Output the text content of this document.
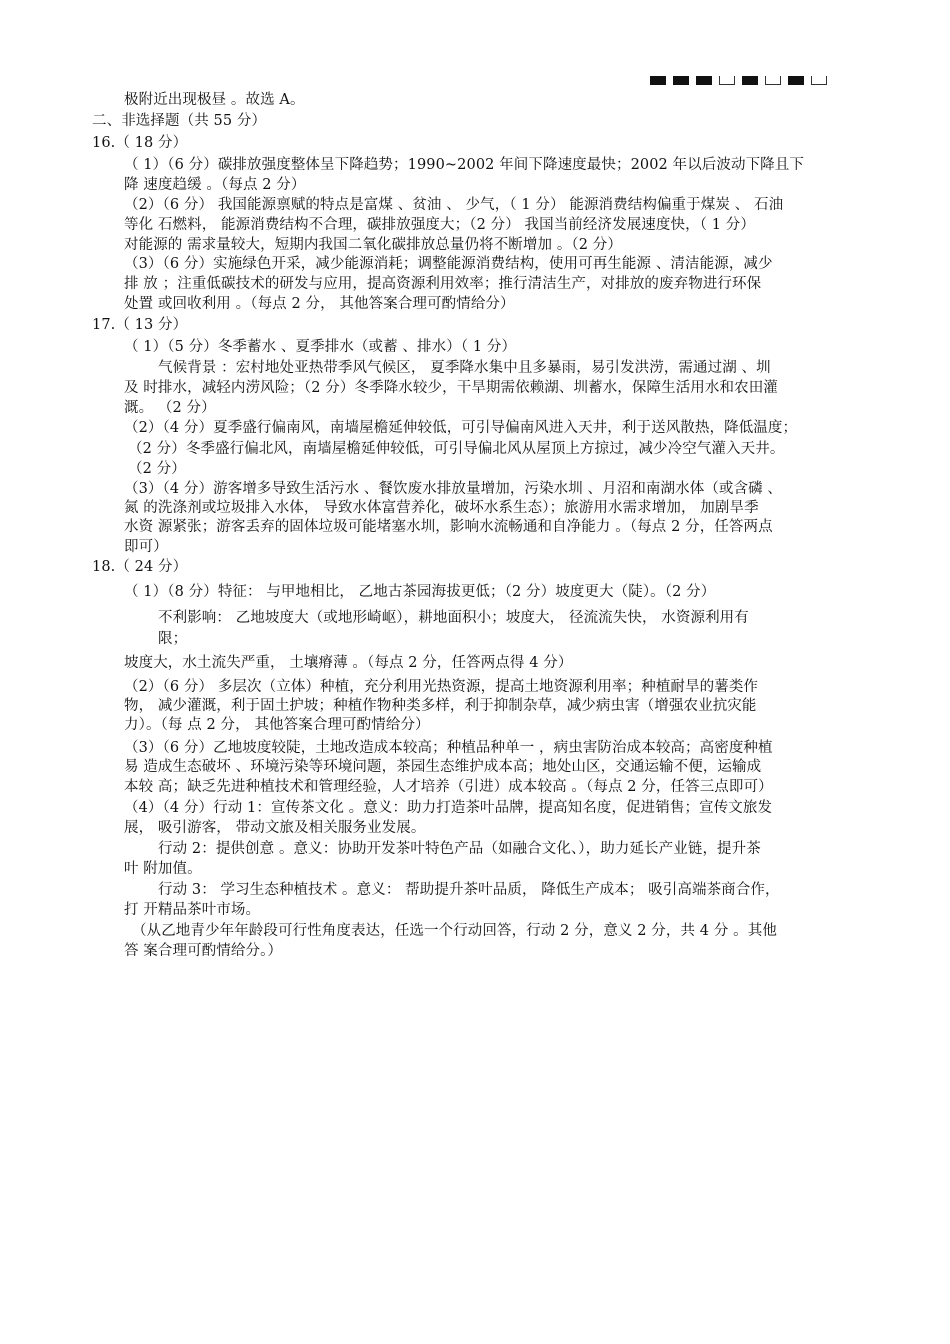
极附近出现极昼 。故选 A。
二、非选择题（共 55 分）
16.（ 18 分）
（ 1）（6 分）碳排放强度整体呈下降趋势；1990~2002 年间下降速度最快；2002 年以后波动下降且下
降 速度趋缓 。（每点 2 分）
（2）（6 分） 我国能源禀赋的特点是富煤 、贫油 、 少气，（ 1 分） 能源消费结构偏重于煤炭 、 石油
等化 石燃料， 能源消费结构不合理，碳排放强度大；（2 分） 我国当前经济发展速度快，（ 1 分）
对能源的 需求量较大，短期内我国二氧化碳排放总量仍将不断增加 。（2 分）
（3）（6 分）实施绿色开采，减少能源消耗；调整能源消费结构，使用可再生能源 、清洁能源，减少
排 放 ；注重低碳技术的研发与应用，提高资源利用效率；推行清洁生产，对排放的废弃物进行环保
处置 或回收利用 。（每点 2 分， 其他答案合理可酌情给分）
17.（ 13 分）
（ 1）（5 分）冬季蓄水 、夏季排水（或蓄 、排水）（ 1 分）
气候背景 ：宏村地处亚热带季风气候区， 夏季降水集中且多暴雨，易引发洪涝，需通过湖 、圳
及 时排水，减轻内涝风险；（2 分）冬季降水较少，干旱期需依赖湖、圳蓄水，保障生活用水和农田灌
溉。 （2 分）
（2）（4 分）夏季盛行偏南风，南墙屋檐延伸较低，可引导偏南风进入天井，利于送风散热，降低温度；
（2 分）冬季盛行偏北风，南墙屋檐延伸较低，可引导偏北风从屋顶上方掠过，减少冷空气灌入天井。
（2 分）
（3）（4 分）游客增多导致生活污水 、餐饮废水排放量增加，污染水圳 、月沼和南湖水体（或含磷 、
氮 的洗涤剂或垃圾排入水体， 导致水体富营养化，破坏水系生态）；旅游用水需求增加， 加剧旱季
水资 源紧张；游客丢弃的固体垃圾可能堵塞水圳，影响水流畅通和自净能力 。（每点 2 分，任答两点
即可）
18.（ 24 分）
（ 1）（8 分）特征： 与甲地相比， 乙地古茶园海拔更低；（2 分）坡度更大（陡）。（2 分）
不利影响： 乙地坡度大（或地形崎岖），耕地面积小；坡度大， 径流流失快， 水资源利用有
限；
坡度大，水土流失严重， 土壤瘠薄 。（每点 2 分，任答两点得 4 分）
（2）（6 分） 多层次（立体）种植，充分利用光热资源，提高土地资源利用率；种植耐旱的薯类作
物， 减少灌溉，利于固土护坡；种植作物种类多样，利于抑制杂草，减少病虫害（增强农业抗灾能
力）。（每 点 2 分， 其他答案合理可酌情给分）
（3）（6 分）乙地坡度较陡，土地改造成本较高；种植品种单一 ，病虫害防治成本较高；高密度种植
易 造成生态破坏 、环境污染等环境问题，茶园生态维护成本高；地处山区，交通运输不便，运输成
本较 高；缺乏先进种植技术和管理经验，人才培养（引进）成本较高 。（每点 2 分，任答三点即可）
（4）（4 分）行动 1：宣传茶文化 。意义：助力打造茶叶品牌，提高知名度，促进销售；宣传文旅发
展， 吸引游客， 带动文旅及相关服务业发展。
行动 2：提供创意 。意义：协助开发茶叶特色产品（如融合文化、），助力延长产业链，提升茶
叶 附加值。
行动 3： 学习生态种植技术 。意义： 帮助提升茶叶品质， 降低生产成本； 吸引高端茶商合作，
打 开精品茶叶市场。
（从乙地青少年年龄段可行性角度表达，任选一个行动回答，行动 2 分，意义 2 分，共 4 分 。其他
答 案合理可酌情给分。）
